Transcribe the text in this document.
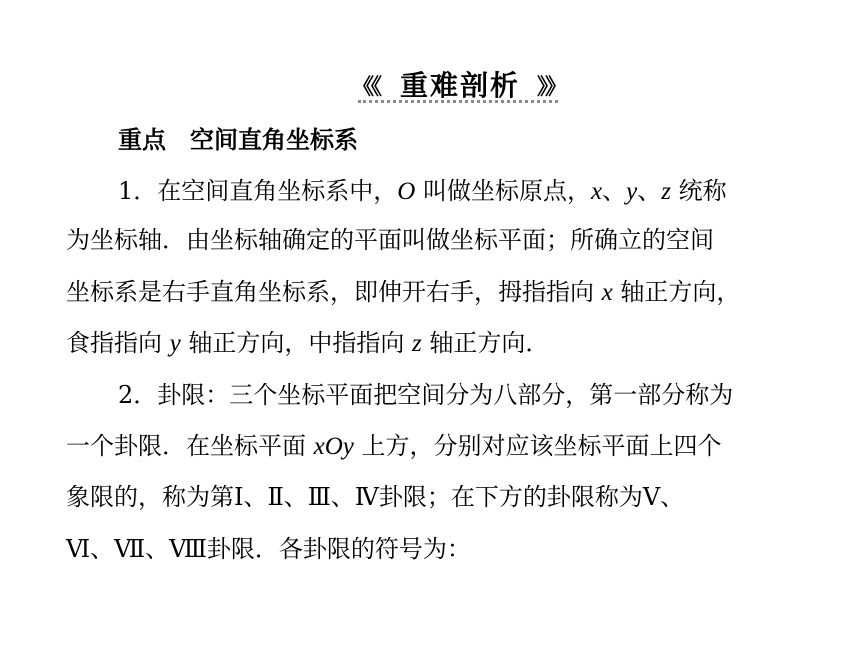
《《 重难剖析 》》
重点　空间直角坐标系
1．在空间直角坐标系中，O 叫做坐标原点，x、y、z 统称
为坐标轴．由坐标轴确定的平面叫做坐标平面；所确立的空间
坐标系是右手直角坐标系，即伸开右手，拇指指向 x 轴正方向，
食指指向 y 轴正方向，中指指向 z 轴正方向．
2．卦限：三个坐标平面把空间分为八部分，第一部分称为
一个卦限．在坐标平面 xOy 上方，分别对应该坐标平面上四个
象限的，称为第Ⅰ、Ⅱ、Ⅲ、Ⅳ卦限；在下方的卦限称为Ⅴ、
Ⅵ、Ⅶ、Ⅷ卦限．各卦限的符号为：
